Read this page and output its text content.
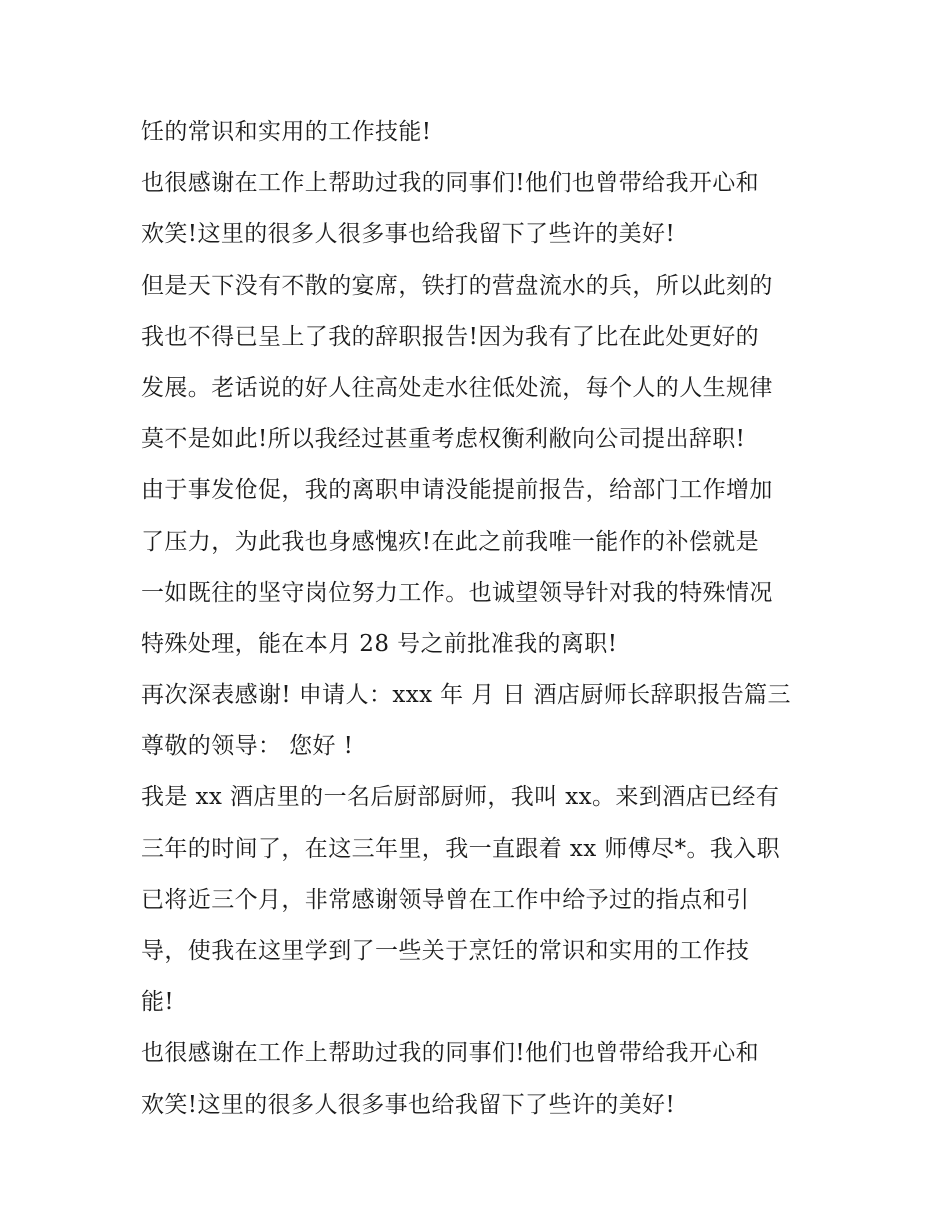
饪的常识和实用的工作技能!
也很感谢在工作上帮助过我的同事们!他们也曾带给我开心和
欢笑!这里的很多人很多事也给我留下了些许的美好!
但是天下没有不散的宴席，铁打的营盘流水的兵，所以此刻的
我也不得已呈上了我的辞职报告!因为我有了比在此处更好的
发展。老话说的好人往高处走水往低处流，每个人的人生规律
莫不是如此!所以我经过甚重考虑权衡利敝向公司提出辞职!
由于事发伧促，我的离职申请没能提前报告，给部门工作增加
了压力，为此我也身感愧疚!在此之前我唯一能作的补偿就是
一如既往的坚守岗位努力工作。也诚望领导针对我的特殊情况
特殊处理，能在本月 28 号之前批准我的离职!
再次深表感谢! 申请人：xxx 年 月 日 酒店厨师长辞职报告篇三
尊敬的领导： 您好 !
我是 xx 酒店里的一名后厨部厨师，我叫 xx。来到酒店已经有
三年的时间了，在这三年里，我一直跟着 xx 师傅尽*。我入职
已将近三个月，非常感谢领导曾在工作中给予过的指点和引
导，使我在这里学到了一些关于烹饪的常识和实用的工作技
能!
也很感谢在工作上帮助过我的同事们!他们也曾带给我开心和
欢笑!这里的很多人很多事也给我留下了些许的美好!
